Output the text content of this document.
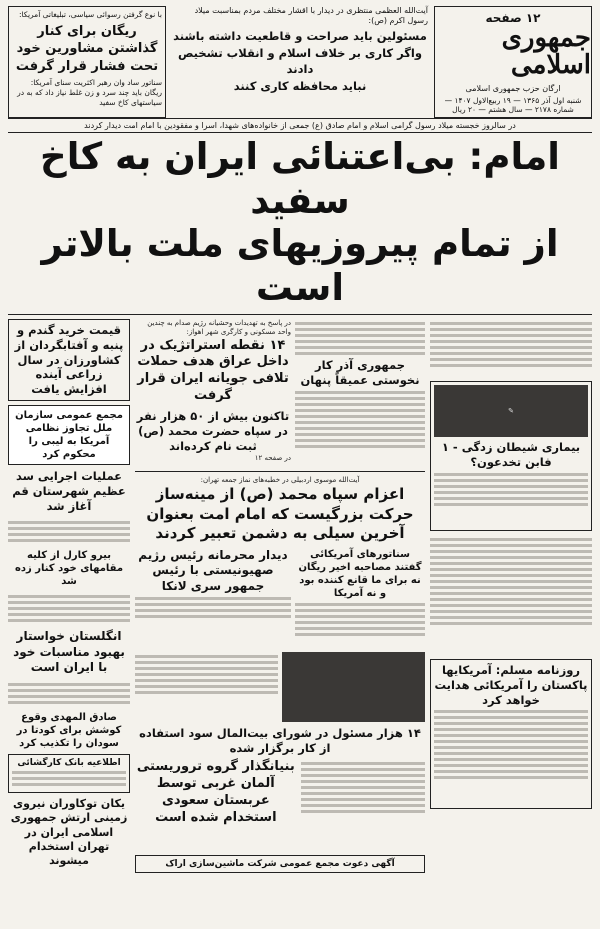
۱۲ صفحه
جمهوری اسلامی
ارگان حزب جمهوری اسلامی
شنبه اول آذر ۱۳۶۵ — ۱۹ ربیع‌الاول ۱۴۰۷ — شماره ۲۱۷۸ — سال هشتم — ۲۰ ریال
آیت‌الله العظمی منتظری در دیدار با اقشار مختلف مردم بمناسبت میلاد رسول اکرم (ص):
مسئولین باید صراحت و قاطعیت داشته باشند
واگر کاری بر خلاف اسلام و انقلاب تشخیص دادند
نباید محافظه کاری کنند
با نوع گرفتن رسوائی سیاسی، تبلیغاتی آمریکا:
ریگان برای کنار گذاشتن مشاورین خود تحت فشار قرار گرفت
سناتور ساد وان رهبر اکثریت سنای آمریکا: ریگان باید چند سرد و زن غلط نیاز داد که به در سیاستهای کاخ سفید
در سالروز خجسته میلاد رسول گرامی اسلام و امام صادق (ع) جمعی از خانواده‌های شهدا، اسرا و مفقودین با امام امت دیدار کردند
امام: بی‌اعتنائی ایران به کاخ سفید
از تمام پیروزیهای ملت بالاتر است
✎
بیماری شیطان زدگی - ۱
فابن تخدعون؟
روزنامه مسلم: آمریکایها پاکستان را آمریکائی هدایت خواهد کرد
جمهوری آذر کار نخوستی عمیقاً پنهان
در پاسخ به تهدیدات وحشیانه رژیم صدام به چندین واحد مسکونی و کارگری شهر اهواز:
۱۴ نقطه استراتژیک در داخل عراق هدف حملات تلافی جویانه ایران قرار گرفت
تاکنون بیش از ۵۰ هزار نفر در سپاه حضرت محمد (ص) ثبت نام کرده‌اند
در صفحه ۱۲
آیت‌الله موسوی اردبیلی در خطبه‌های نماز جمعه تهران:
اعزام سپاه محمد (ص) از مینه‌ساز حرکت بزرگیست که امام امت بعنوان آخرین سیلی به دشمن تعبیر کردند
سناتورهای آمریکائی گفتند مصاحبه اخیر ریگان نه برای ما قانع کننده بود و نه آمریکا
دیدار محرمانه رئیس رژیم صهیونیستی با رئیس جمهور سری لانکا
۱۴ هزار مسئول در شورای بیت‌المال سود استفاده از کار برگزار شده
بنیانگذار گروه تروریستی آلمان غربی توسط عربستان سعودی استخدام شده است
آگهی دعوت مجمع عمومی شرکت ماشین‌سازی اراک
قیمت خرید گندم و پنبه و آفتابگردان از کشاورزان در سال زراعی آینده افزایش یافت
مجمع عمومی سازمان ملل تجاوز نظامی آمریکا به لیبی را محکوم کرد
عملیات اجرایی سد عظیم شهرستان قم آغاز شد
بیرو کارل از کلیه مقامهای خود کنار زده شد
انگلستان خواستار بهبود مناسبات خود با ایران است
صادق المهدی وقوع کوشش برای کودتا در سودان را تکذیب کرد
اطلاعیه بانک کارگشائی
یکان توکاوران نیروی زمینی ارتش جمهوری اسلامی ایران در تهران استخدام میشوند
